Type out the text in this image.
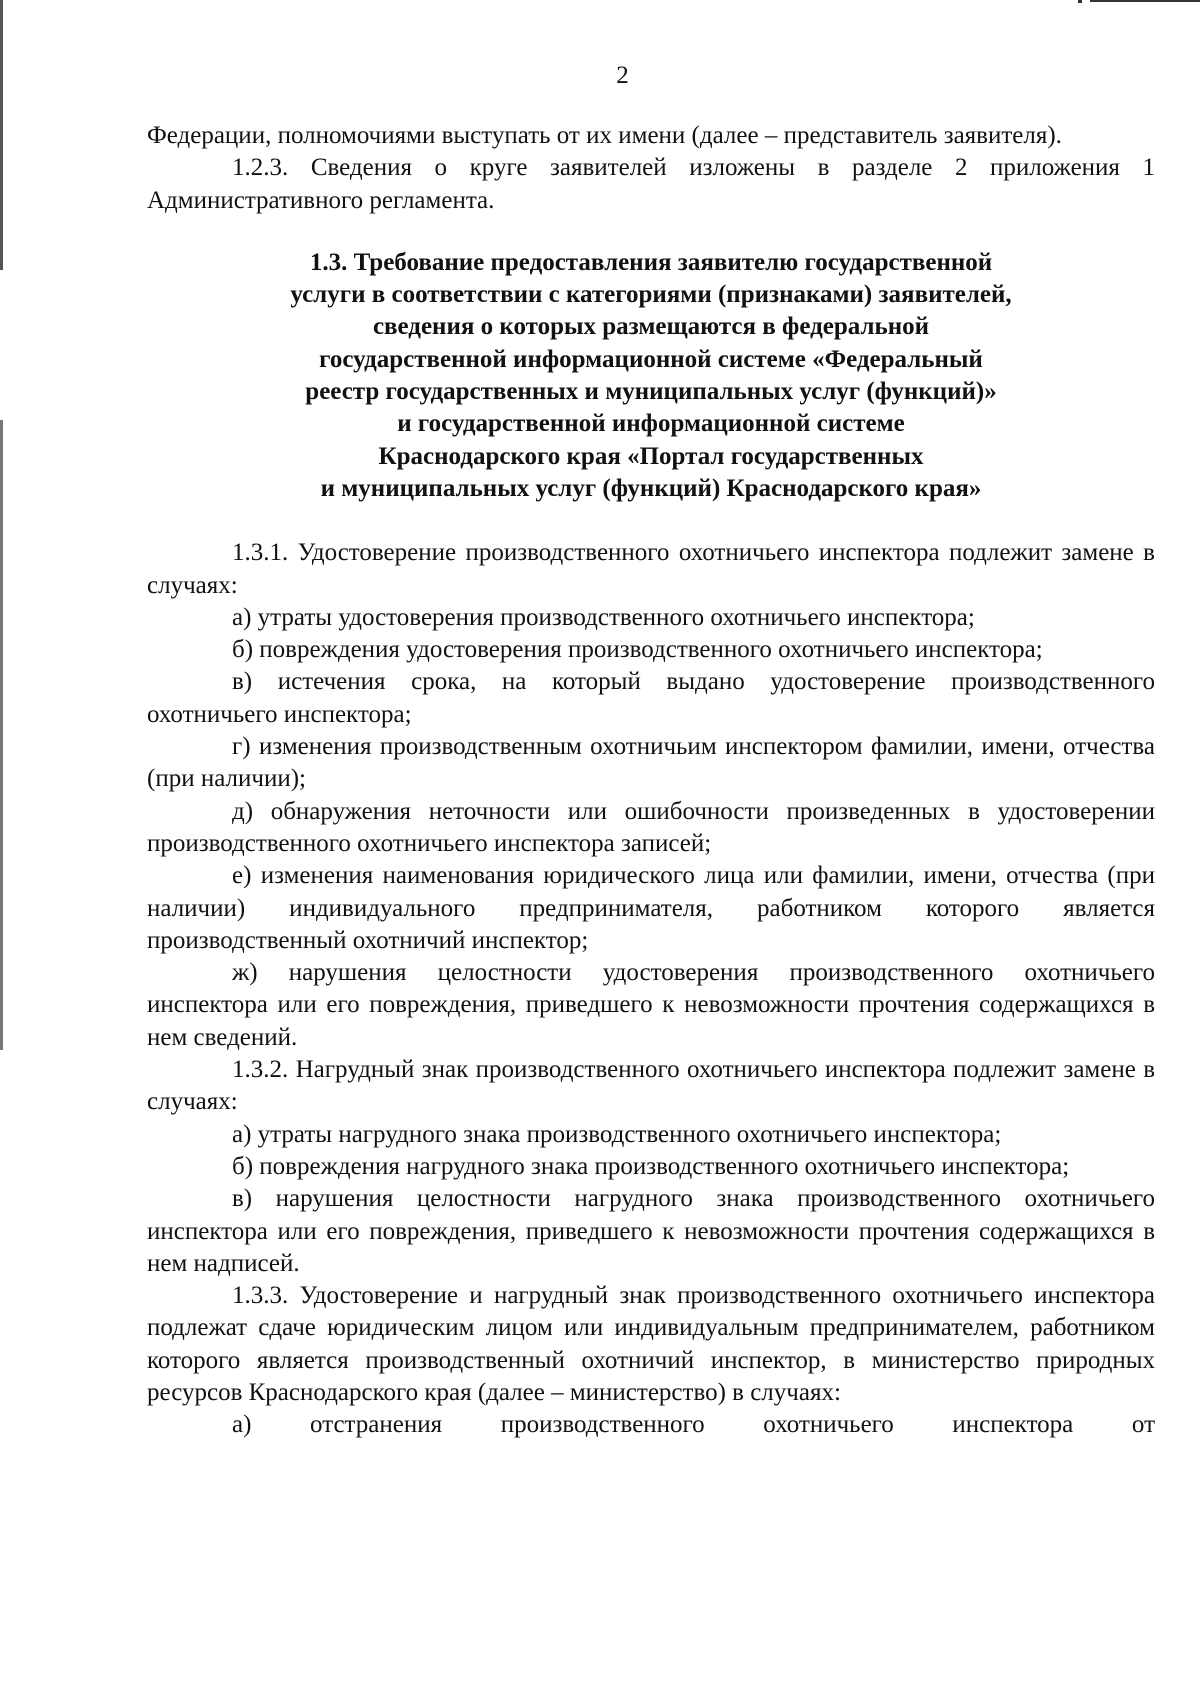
2

Федерации, полномочиями выступать от их имени (далее – представитель заявителя).

1.2.3. Сведения о круге заявителей изложены в разделе 2 приложения 1 Административного регламента.

1.3. Требование предоставления заявителю государственной
услуги в соответствии с категориями (признаками) заявителей,
сведения о которых размещаются в федеральной
государственной информационной системе «Федеральный
реестр государственных и муниципальных услуг (функций)»
и государственной информационной системе
Краснодарского края «Портал государственных
и муниципальных услуг (функций) Краснодарского края»

1.3.1. Удостоверение производственного охотничьего инспектора подлежит замене в случаях:

а) утраты удостоверения производственного охотничьего инспектора;

б) повреждения удостоверения производственного охотничьего инспектора;

в) истечения срока, на который выдано удостоверение производственного охотничьего инспектора;

г) изменения производственным охотничьим инспектором фамилии, имени, отчества (при наличии);

д) обнаружения неточности или ошибочности произведенных в удостоверении производственного охотничьего инспектора записей;

е) изменения наименования юридического лица или фамилии, имени, отчества (при наличии) индивидуального предпринимателя, работником которого является производственный охотничий инспектор;

ж) нарушения целостности удостоверения производственного охотничьего инспектора или его повреждения, приведшего к невозможности прочтения содержащихся в нем сведений.

1.3.2. Нагрудный знак производственного охотничьего инспектора подлежит замене в случаях:

а) утраты нагрудного знака производственного охотничьего инспектора;

б) повреждения нагрудного знака производственного охотничьего инспектора;

в) нарушения целостности нагрудного знака производственного охотничьего инспектора или его повреждения, приведшего к невозможности прочтения содержащихся в нем надписей.

1.3.3. Удостоверение и нагрудный знак производственного охотничьего инспектора подлежат сдаче юридическим лицом или индивидуальным предпринимателем, работником которого является производственный охотничий инспектор, в министерство природных ресурсов Краснодарского края (далее – министерство) в случаях:

а) отстранения производственного охотничьего инспектора от
